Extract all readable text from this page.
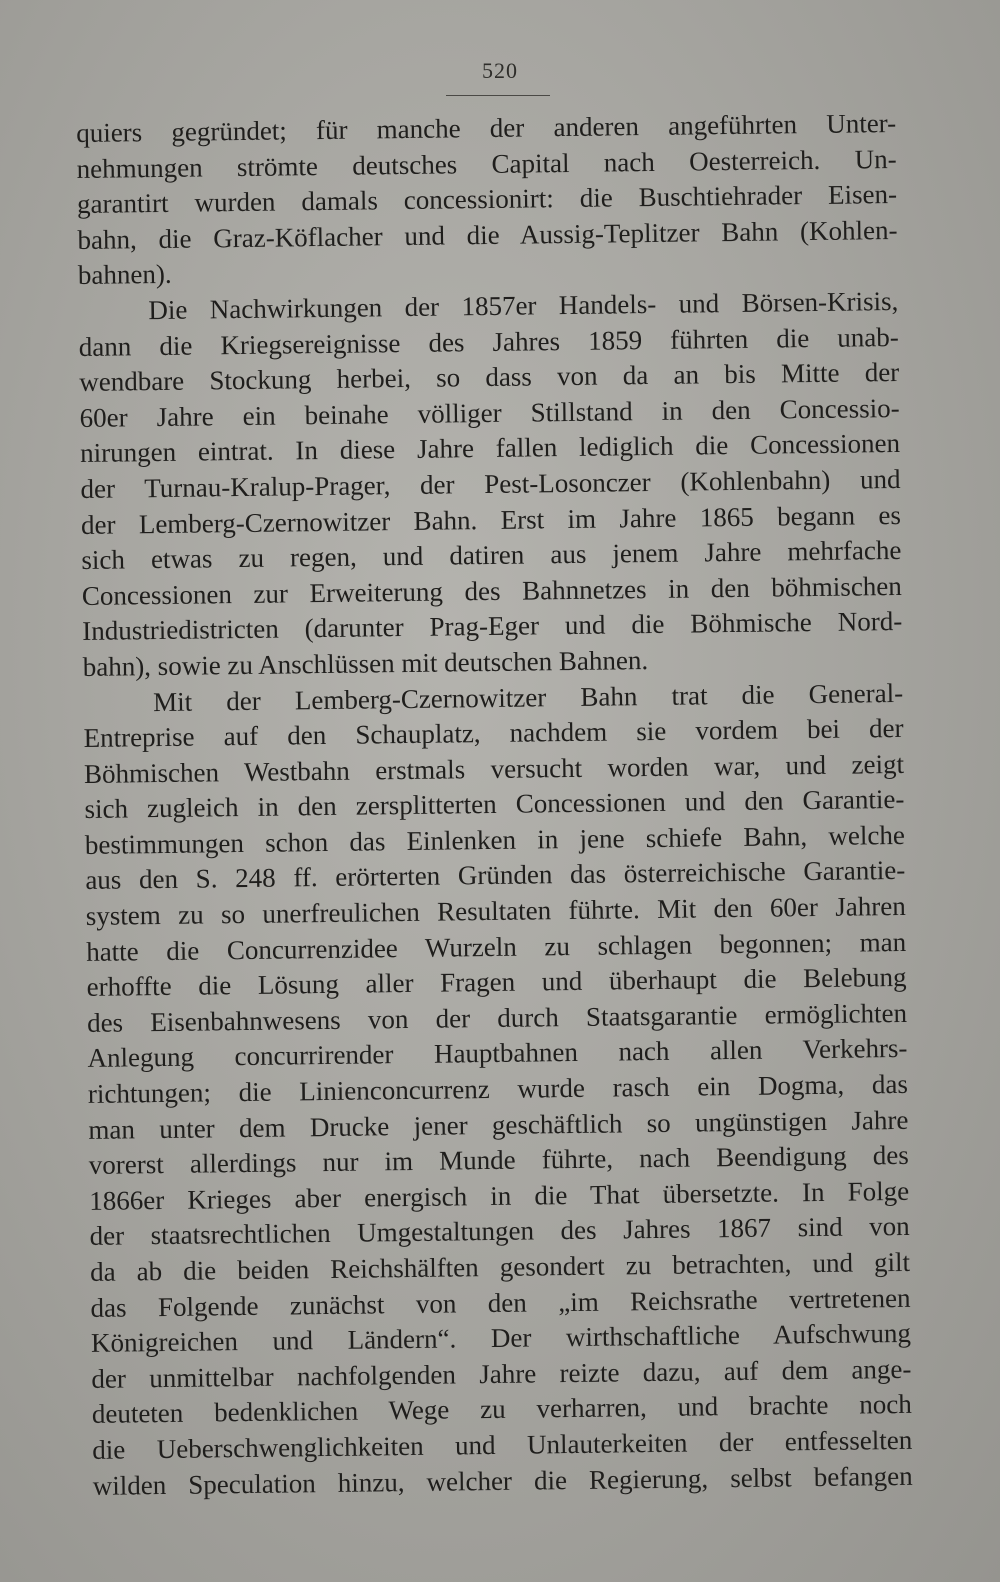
520
quiers gegründet; für manche der anderen angeführten Unter-
nehmungen strömte deutsches Capital nach Oesterreich. Un-
garantirt wurden damals concessionirt: die Buschtiehrader Eisen-
bahn, die Graz-Köflacher und die Aussig-Teplitzer Bahn (Kohlen-
bahnen).
Die Nachwirkungen der 1857er Handels- und Börsen-Krisis,
dann die Kriegsereignisse des Jahres 1859 führten die unab-
wendbare Stockung herbei, so dass von da an bis Mitte der
60er Jahre ein beinahe völliger Stillstand in den Concessio-
nirungen eintrat. In diese Jahre fallen lediglich die Concessionen
der Turnau-Kralup-Prager, der Pest-Losonczer (Kohlenbahn) und
der Lemberg-Czernowitzer Bahn. Erst im Jahre 1865 begann es
sich etwas zu regen, und datiren aus jenem Jahre mehrfache
Concessionen zur Erweiterung des Bahnnetzes in den böhmischen
Industriedistricten (darunter Prag-Eger und die Böhmische Nord-
bahn), sowie zu Anschlüssen mit deutschen Bahnen.
Mit der Lemberg-Czernowitzer Bahn trat die General-
Entreprise auf den Schauplatz, nachdem sie vordem bei der
Böhmischen Westbahn erstmals versucht worden war, und zeigt
sich zugleich in den zersplitterten Concessionen und den Garantie-
bestimmungen schon das Einlenken in jene schiefe Bahn, welche
aus den S. 248 ff. erörterten Gründen das österreichische Garantie-
system zu so unerfreulichen Resultaten führte. Mit den 60er Jahren
hatte die Concurrenzidee Wurzeln zu schlagen begonnen; man
erhoffte die Lösung aller Fragen und überhaupt die Belebung
des Eisenbahnwesens von der durch Staatsgarantie ermöglichten
Anlegung concurrirender Hauptbahnen nach allen Verkehrs-
richtungen; die Linienconcurrenz wurde rasch ein Dogma, das
man unter dem Drucke jener geschäftlich so ungünstigen Jahre
vorerst allerdings nur im Munde führte, nach Beendigung des
1866er Krieges aber energisch in die That übersetzte. In Folge
der staatsrechtlichen Umgestaltungen des Jahres 1867 sind von
da ab die beiden Reichshälften gesondert zu betrachten, und gilt
das Folgende zunächst von den „im Reichsrathe vertretenen
Königreichen und Ländern“. Der wirthschaftliche Aufschwung
der unmittelbar nachfolgenden Jahre reizte dazu, auf dem ange-
deuteten bedenklichen Wege zu verharren, und brachte noch
die Ueberschwenglichkeiten und Unlauterkeiten der entfesselten
wilden Speculation hinzu, welcher die Regierung, selbst befangen
